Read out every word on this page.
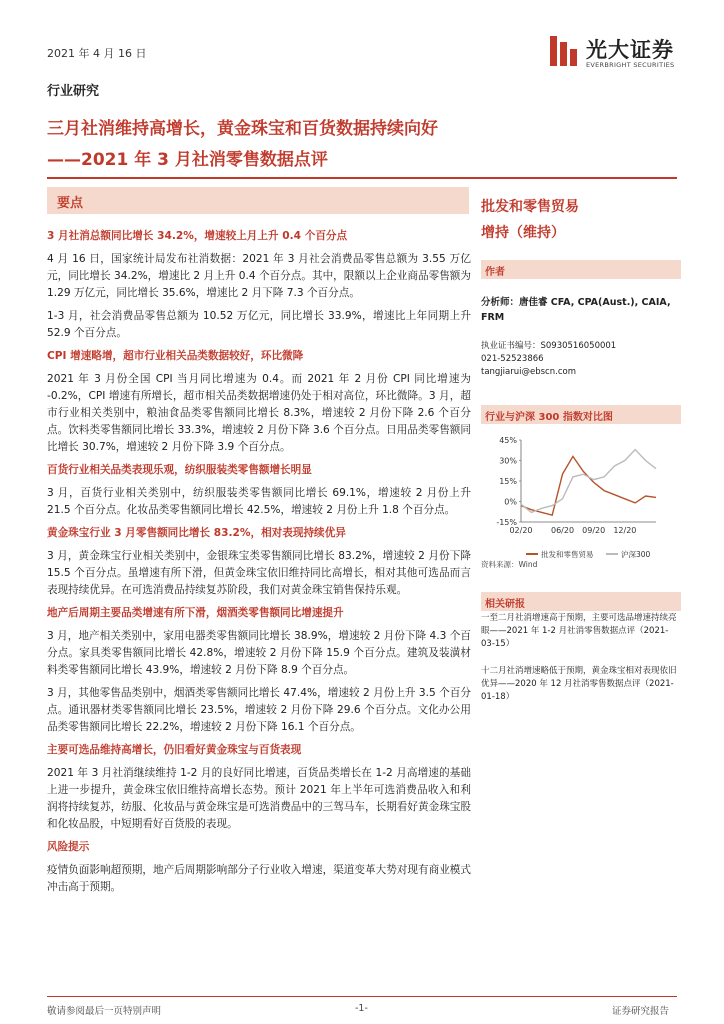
2021 年 4 月 16 日	光大证券
EVERBRIGHT SECURITIES
行业研究
三月社消维持高增长，黄金珠宝和百货数据持续向好
——2021 年 3 月社消零售数据点评
要点
3 月社消总额同比增长 34.2%，增速较上月上升 0.4 个百分点
4 月 16 日，国家统计局发布社消数据：2021 年 3 月社会消费品零售总额为 3.55 万亿元，同比增长 34.2%，增速比 2 月上升 0.4 个百分点。其中，限额以上企业商品零售额为 1.29 万亿元，同比增长 35.6%，增速比 2 月下降 7.3 个百分点。
1-3 月，社会消费品零售总额为 10.52 万亿元，同比增长 33.9%，增速比上年同期上升 52.9 个百分点。
CPI 增速略增，超市行业相关品类数据较好，环比微降
2021 年 3 月份全国 CPI 当月同比增速为 0.4。而 2021 年 2 月份 CPI 同比增速为 -0.2%，CPI 增速有所增长，超市相关品类数据增速仍处于相对高位，环比微降。3 月，超市行业相关类别中，粮油食品类零售额同比增长 8.3%，增速较 2 月份下降 2.6 个百分点。饮料类零售额同比增长 33.3%，增速较 2 月份下降 3.6 个百分点。日用品类零售额同比增长 30.7%，增速较 2 月份下降 3.9 个百分点。
百货行业相关品类表现乐观，纺织服装类零售额增长明显
3 月，百货行业相关类别中，纺织服装类零售额同比增长 69.1%，增速较 2 月份上升 21.5 个百分点。化妆品类零售额同比增长 42.5%，增速较 2 月份上升 1.8 个百分点。
黄金珠宝行业 3 月零售额同比增长 83.2%，相对表现持续优异
3 月，黄金珠宝行业相关类别中，金银珠宝类零售额同比增长 83.2%，增速较 2 月份下降 15.5 个百分点。虽增速有所下滑，但黄金珠宝依旧维持同比高增长，相对其他可选品而言表现持续优异。在可选消费品持续复苏阶段，我们对黄金珠宝销售保持乐观。
地产后周期主要品类增速有所下滑，烟酒类零售额同比增速提升
3 月，地产相关类别中，家用电器类零售额同比增长 38.9%，增速较 2 月份下降 4.3 个百分点。家具类零售额同比增长 42.8%，增速较 2 月份下降 15.9 个百分点。建筑及装潢材料类零售额同比增长 43.9%，增速较 2 月份下降 8.9 个百分点。
3 月，其他零售品类别中，烟酒类零售额同比增长 47.4%，增速较 2 月份上升 3.5 个百分点。通讯器材类零售额同比增长 23.5%，增速较 2 月份下降 29.6 个百分点。文化办公用品类零售额同比增长 22.2%，增速较 2 月份下降 16.1 个百分点。
主要可选品维持高增长，仍旧看好黄金珠宝与百货表现
2021 年 3 月社消继续维持 1-2 月的良好同比增速，百货品类增长在 1-2 月高增速的基础上进一步提升，黄金珠宝依旧维持高增长态势。预计 2021 年上半年可选消费品收入和利润将持续复苏，纺服、化妆品与黄金珠宝是可选消费品中的三驾马车，长期看好黄金珠宝股和化妆品股，中短期看好百货股的表现。
风险提示
疫情负面影响超预期，地产后周期影响部分子行业收入增速，渠道变革大势对现有商业模式冲击高于预期。
批发和零售贸易
增持（维持）
作者
分析师：唐佳睿 CFA, CPA(Aust.), CAIA, FRM
执业证书编号：S0930516050001
021-52523866
tangjiarui@ebscn.com
行业与沪深 300 指数对比图
45%
30%
15%
0%
-15%
02/20 06/20 09/20 12/20
批发和零售贸易	沪深300
资料来源：Wind
相关研报
一至二月社消增速高于预期，主要可选品增速持续亮眼——2021 年 1-2 月社消零售数据点评（2021-03-15）
十二月社消增速略低于预期，黄金珠宝相对表现依旧优异——2020 年 12 月社消零售数据点评（2021-01-18）
敬请参阅最后一页特别声明	-1-	证券研究报告
